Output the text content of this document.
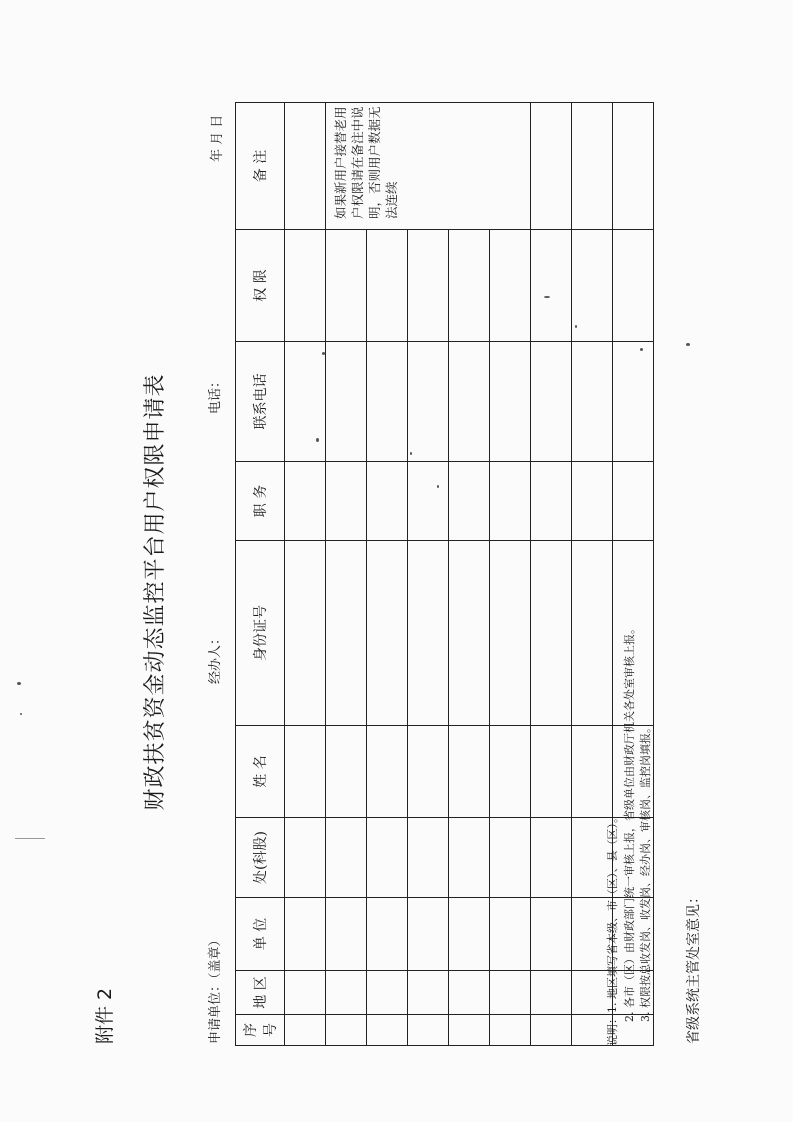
附件 2
财政扶贫资金动态监控平台用户权限申请表
申请单位：（盖章）
经办人：
电话：
年 月 日
序 号	地 区	单 位	处(科股)	姓 名	身份证号	职 务	联系电话	权 限	备 注

									如果新用户接替老用户权限请在备注中说明，否则用户数据无法连续

说明：1. 地区填写省本级、市（区）、县（区）。 2. 各市（区）由财政部门统一审核上报，省级单位由财政厅机关各处室审核上报。 3. 权限按总收发岗、收发岗、经办岗、审核岗、监控岗填报。 省级系统主管处室意见：
